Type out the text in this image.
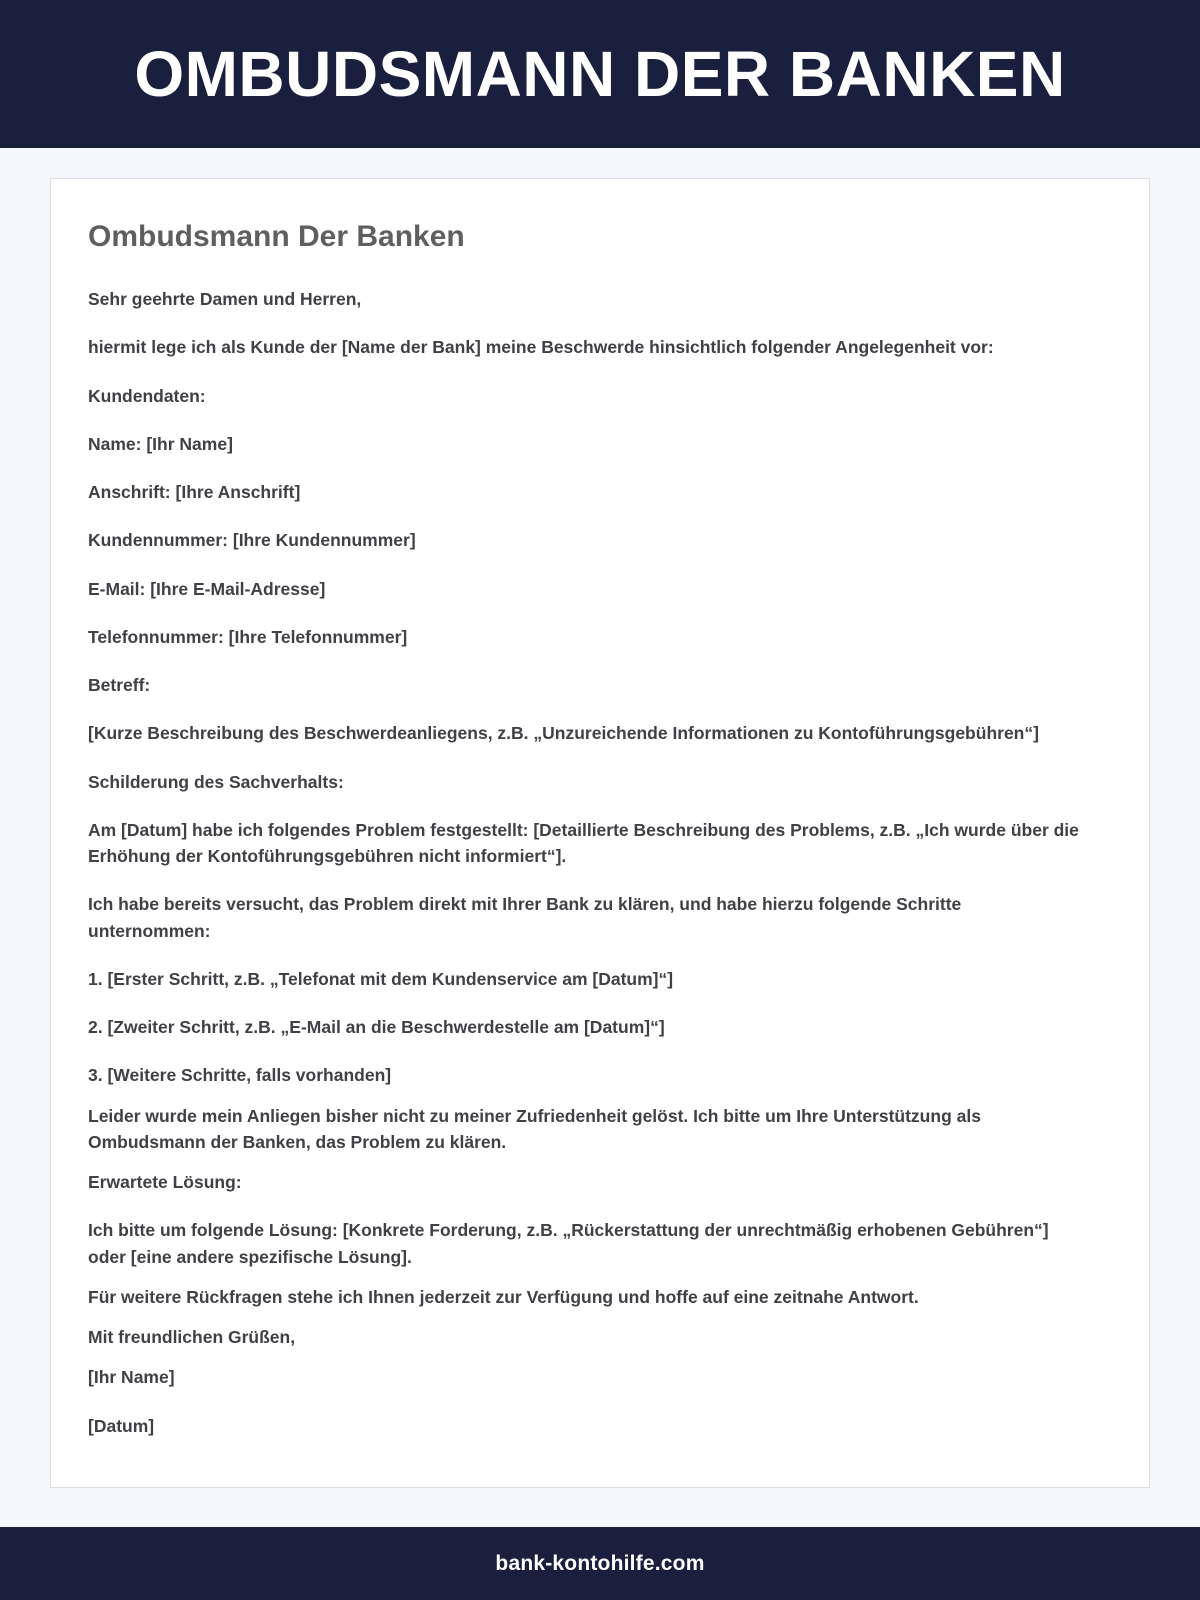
OMBUDSMANN DER BANKEN
Ombudsmann Der Banken

Sehr geehrte Damen und Herren,

hiermit lege ich als Kunde der [Name der Bank] meine Beschwerde hinsichtlich folgender Angelegenheit vor:

Kundendaten:

Name: [Ihr Name]

Anschrift: [Ihre Anschrift]

Kundennummer: [Ihre Kundennummer]

E-Mail: [Ihre E-Mail-Adresse]

Telefonnummer: [Ihre Telefonnummer]

Betreff:

[Kurze Beschreibung des Beschwerdeanliegens, z.B. „Unzureichende Informationen zu Kontoführungsgebühren“]

Schilderung des Sachverhalts:

Am [Datum] habe ich folgendes Problem festgestellt: [Detaillierte Beschreibung des Problems, z.B. „Ich wurde über die Erhöhung der Kontoführungsgebühren nicht informiert“].

Ich habe bereits versucht, das Problem direkt mit Ihrer Bank zu klären, und habe hierzu folgende Schritte unternommen:

1. [Erster Schritt, z.B. „Telefonat mit dem Kundenservice am [Datum]“]

2. [Zweiter Schritt, z.B. „E-Mail an die Beschwerdestelle am [Datum]“]

3. [Weitere Schritte, falls vorhanden]

Leider wurde mein Anliegen bisher nicht zu meiner Zufriedenheit gelöst. Ich bitte um Ihre Unterstützung als Ombudsmann der Banken, das Problem zu klären.

Erwartete Lösung:

Ich bitte um folgende Lösung: [Konkrete Forderung, z.B. „Rückerstattung der unrechtmäßig erhobenen Gebühren“] oder [eine andere spezifische Lösung].

Für weitere Rückfragen stehe ich Ihnen jederzeit zur Verfügung und hoffe auf eine zeitnahe Antwort.

Mit freundlichen Grüßen,

[Ihr Name]

[Datum]

bank-kontohilfe.com
